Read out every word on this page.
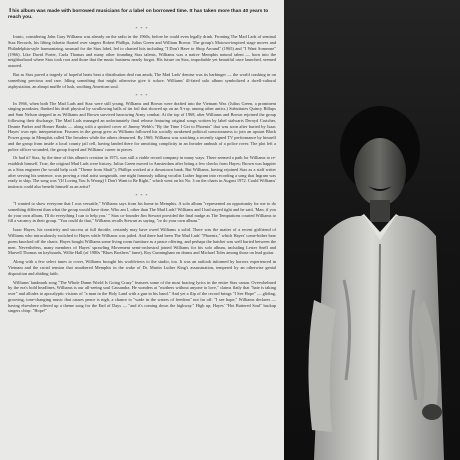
This album was made with borrowed musicians for a label on borrowed time. It has taken more than 40 years to reach you.

* * *

Ironic, considering John Gary Williams was already on the radio in the 1960s, before he could even legally drink. Fronting The Mad Lads of seminal Stax Records, his lilting falsetto floated over singers Robert Phillips, Julius Green and William Brown. The group's Motown-inspired stage moves and Philadelphia-style harmonizing, unusual for the Stax label, led to charted hits including "I Don't Have to Shop Around" (1965) and "I Want Someone" (1966). Like David Porter, Carla Thomas and many other founding Stax talents, Williams was a native Memphis natural talent — born into the neighborhood where Stax took root and those that the music business nearly forgot. His future on Stax, improbable yet beautiful once launched, seemed assured.

But as Stax paved a tragedy of hopeful beats beat a distribution deal run amok, The Mad Lads' demise was its harbinger — the world crashing in on something precious and rare. Idling something that might otherwise give it solace. Williams' ill-fated solo album symbolized a dwell-cultural asphyxiation, an abrupt muffle of lush, soothing American soul.

* * *

In 1966, when both The Mad Lads and Stax were still young, Williams and Brown were drafted into the Vietnam War. (Julius Green, a prominent singing prankster, flunked his draft physical by swallowing balls of tin foil that showed up on an X-ray, among other antics.) Substitutes Quincy Billups and Sam Nelson stepped in as Williams and Brown survived harrowing Army combat. At the top of 1968, after Williams and Brown rejoined the group following their discharge, The Mad Lads managed an unfortunately final release featuring original songs written by label stalwarts Deroyd Crutcher, Deanie Parker and Homer Banks — along with a spirited cover of Jimmy Webb's "By the Time I Get to Phoenix" that was soon after buried by Isaac Hayes' own epic interpretation. Fissures in the group grew as Williams followed his socially awakened political consciousness to join an upstart Black Power group in Memphis called The Invaders while the others demurred. By 1969, Williams was watching a recently signed TV performance by himself and the group from inside a local county jail cell, having landed there for unwitting complicity in an Invader ambush of a police rover. The plot left a police officer wounded, the group frayed and Williams' career in pieces.

Or had it? Stax, by the time of this album's creation in 1973, was still a viable record company in many ways. There seemed a path for Williams to re-establish himself. True, the original Mad Lads were history. Julius Green moved to Amsterdam after biting a few checks from Hayes; Brown was happier as a Stax engineer (he would help craft "Theme from Shaft"); Phillips worked at a downtown bank. But Williams, having rejoined Stax as a staff writer after serving his sentence, was proving a vital artist songsmith, one night famously talking vocalist Luther Ingram into recording a song that Ingram was ready to skip. The song was "(If Loving You Is Wrong) I Don't Want to Be Right," which went on hit No. 3 on the charts in August 1972. Could Williams' instincts could also benefit himself as an artist?

* * *

"I wanted to show everyone that I was versatile," Williams says from his home in Memphis. A solo album "represented an opportunity for me to do something different than what the group would have done. Who am I, other than The Mad Lads? Williams and I had stayed tight and he said, 'Man, if you do your own album, I'll do everything I can to help you.' " Stax co-founder Jim Stewart provided the final nudge as The Temptations courted Williams to fill a vacancy in their group. "You could do that," Williams recalls Stewart as saying, "or do your own album."

Isaac Hayes, his creativity and success at full throttle, certainly may have owed Williams a solid. There was the matter of a recent girlfriend of Williams who miraculously switched to Hayes while Williams was jailed. And there had been The Mad Lads' "Phoenix," which Hayes' come-hither bear poem knocked off the charts. Hayes bought Williams some living room furniture as a peace offering, and perhaps the hatchet was well buried between the men. Nevertheless, many members of Hayes' sprawling Movement semi-orchestral joined Williams for his solo album, including Lester Snell and Marvell Thomas on keyboards, Willie Hall (of 1980s "Blues Brothers" fame), Roy Cunningham on drums and Michael Toles among those on lead guitar.

Along with a few select tunes to cover, Williams brought his worldviews to the studio, too. It was an outlook informed by horrors experienced in Vietnam and the racial tension that smothered Memphis in the wake of Dr. Martin Luther King's assassination, tempered by an otherwise genial disposition and abiding faith.

Williams' landmark song "The Whole Damn World Is Going Crazy" features some of the most bracing lyrics in the entire Stax canon. Overwhelmed by the era's bold headlines, Williams is our all-seeing soul Cassandra. He wonders at "mothers without anyone to love," claims flatly that "hate is taking over" and alludes to apocalyptic visions of "a man in the Holy Land with a gun in his hand." And yet a flip of the record brings "I See Hope" — gliding, grooving, tone-changing music that causes peace is nigh, a chance to "wade in the waters of freedom" not far off. "I see hope," Williams declares — having elsewhere offered up a theme song for the End of Days — "and it's coming down the highway." High up, Hayes' "Hot Buttered Soul" backup singers chirp: "Hope!"
